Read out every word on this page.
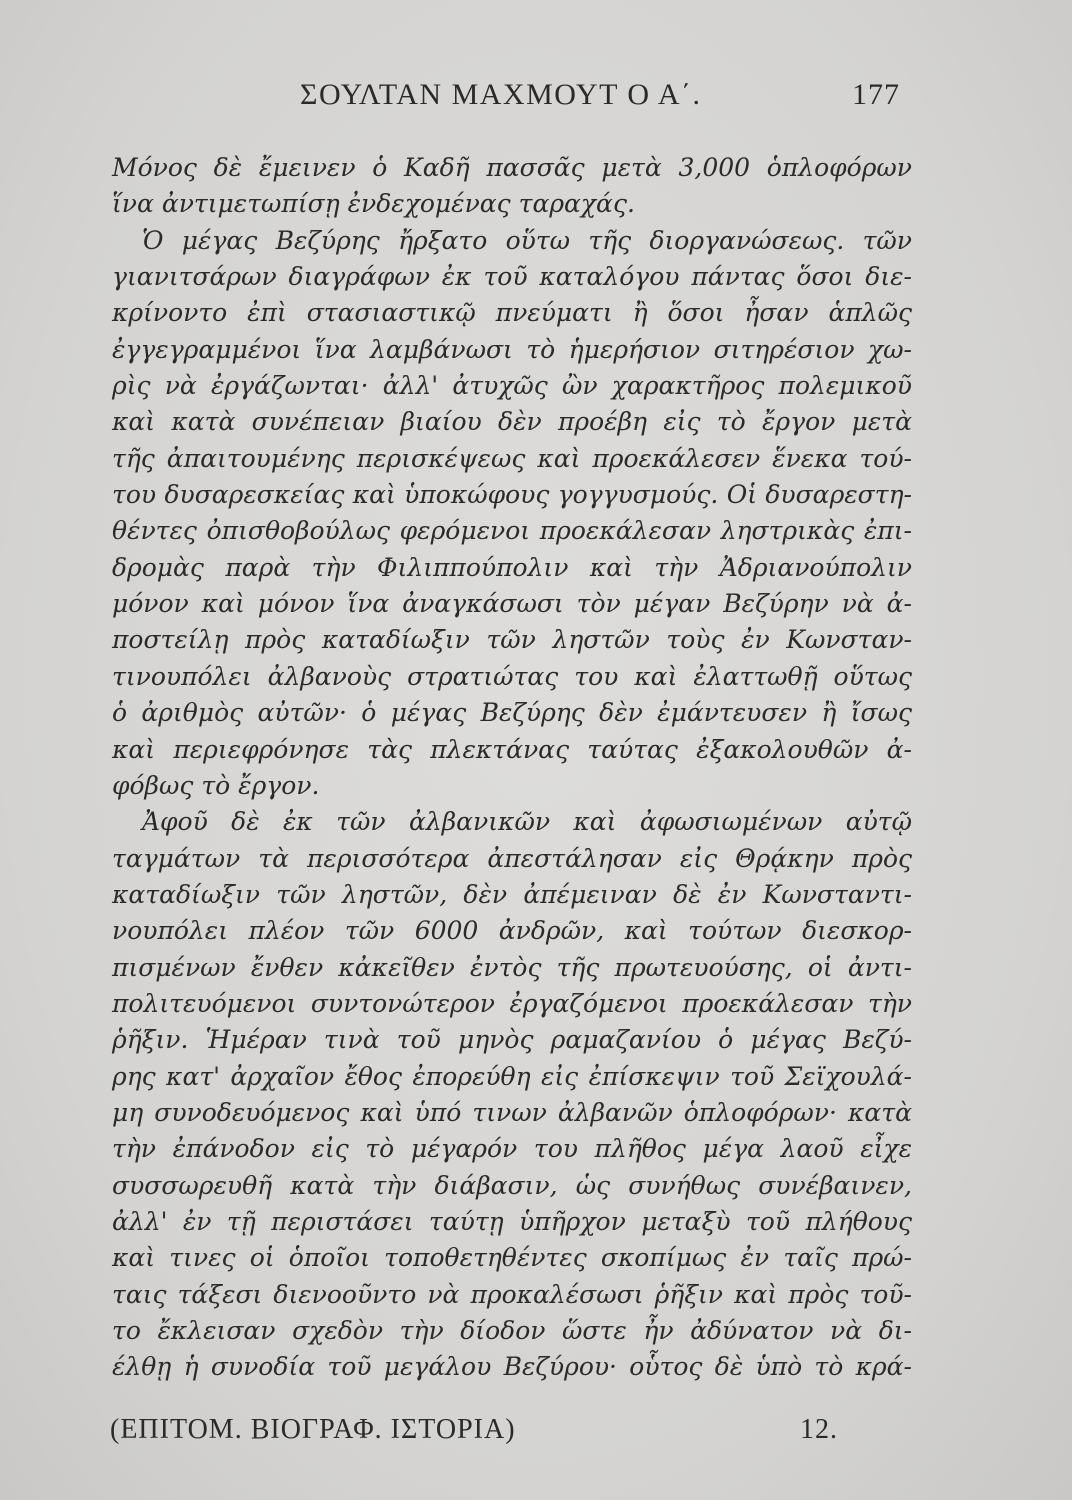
ΣΟΥΛΤΑΝ ΜΑΧΜΟΥΤ Ο Α΄.	177
Μόνος δὲ ἔμεινεν ὁ Καδῆ πασσᾶς μετὰ 3,000 ὁπλοφόρων
ἵνα ἀντιμετωπίσῃ ἐνδεχομένας ταραχάς.
Ὁ μέγας Βεζύρης ἤρξατο οὕτω τῆς διοργανώσεως. τῶν
γιανιτσάρων διαγράφων ἐκ τοῦ καταλόγου πάντας ὅσοι διε-
κρίνοντο ἐπὶ στασιαστικῷ πνεύματι ἢ ὅσοι ἦσαν ἁπλῶς
ἐγγεγραμμένοι ἵνα λαμβάνωσι τὸ ἡμερήσιον σιτηρέσιον χω-
ρὶς νὰ ἐργάζωνται· ἀλλ' ἀτυχῶς ὢν χαρακτῆρος πολεμικοῦ
καὶ κατὰ συνέπειαν βιαίου δὲν προέβη εἰς τὸ ἔργον μετὰ
τῆς ἀπαιτουμένης περισκέψεως καὶ προεκάλεσεν ἕνεκα τού-
του δυσαρεσκείας καὶ ὑποκώφους γογγυσμούς. Οἱ δυσαρεστη-
θέντες ὀπισθοβούλως φερόμενοι προεκάλεσαν ληστρικὰς ἐπι-
δρομὰς παρὰ τὴν Φιλιππούπολιν καὶ τὴν Ἀδριανούπολιν
μόνον καὶ μόνον ἵνα ἀναγκάσωσι τὸν μέγαν Βεζύρην νὰ ἀ-
ποστείλῃ πρὸς καταδίωξιν τῶν ληστῶν τοὺς ἐν Κωνσταν-
τινουπόλει ἀλβανοὺς στρατιώτας του καὶ ἐλαττωθῇ οὕτως
ὁ ἀριθμὸς αὐτῶν· ὁ μέγας Βεζύρης δὲν ἐμάντευσεν ἢ ἴσως
καὶ περιεφρόνησε τὰς πλεκτάνας ταύτας ἐξακολουθῶν ἀ-
φόβως τὸ ἔργον.
Ἀφοῦ δὲ ἐκ τῶν ἀλβανικῶν καὶ ἀφωσιωμένων αὐτῷ
ταγμάτων τὰ περισσότερα ἀπεστάλησαν εἰς Θρᾴκην πρὸς
καταδίωξιν τῶν ληστῶν, δὲν ἀπέμειναν δὲ ἐν Κωνσταντι-
νουπόλει πλέον τῶν 6000 ἀνδρῶν, καὶ τούτων διεσκορ-
πισμένων ἔνθεν κἀκεῖθεν ἐντὸς τῆς πρωτευούσης, οἱ ἀντι-
πολιτευόμενοι συντονώτερον ἐργαζόμενοι προεκάλεσαν τὴν
ῥῆξιν. Ἡμέραν τινὰ τοῦ μηνὸς ραμαζανίου ὁ μέγας Βεζύ-
ρης κατ' ἀρχαῖον ἔθος ἐπορεύθη εἰς ἐπίσκεψιν τοῦ Σεϊχουλά-
μη συνοδευόμενος καὶ ὑπό τινων ἀλβανῶν ὁπλοφόρων· κατὰ
τὴν ἐπάνοδον εἰς τὸ μέγαρόν του πλῆθος μέγα λαοῦ εἶχε
συσσωρευθῆ κατὰ τὴν διάβασιν, ὡς συνήθως συνέβαινεν,
ἀλλ' ἐν τῇ περιστάσει ταύτῃ ὑπῆρχον μεταξὺ τοῦ πλήθους
καὶ τινες οἱ ὁποῖοι τοποθετηθέντες σκοπίμως ἐν ταῖς πρώ-
ταις τάξεσι διενοοῦντο νὰ προκαλέσωσι ῥῆξιν καὶ πρὸς τοῦ-
το ἔκλεισαν σχεδὸν τὴν δίοδον ὥστε ἦν ἀδύνατον νὰ δι-
έλθῃ ἡ συνοδία τοῦ μεγάλου Βεζύρου· οὗτος δὲ ὑπὸ τὸ κρά-
(ΕΠΙΤΟΜ. ΒΙΟΓΡΑΦ. ΙΣΤΟΡΙΑ)	12.
